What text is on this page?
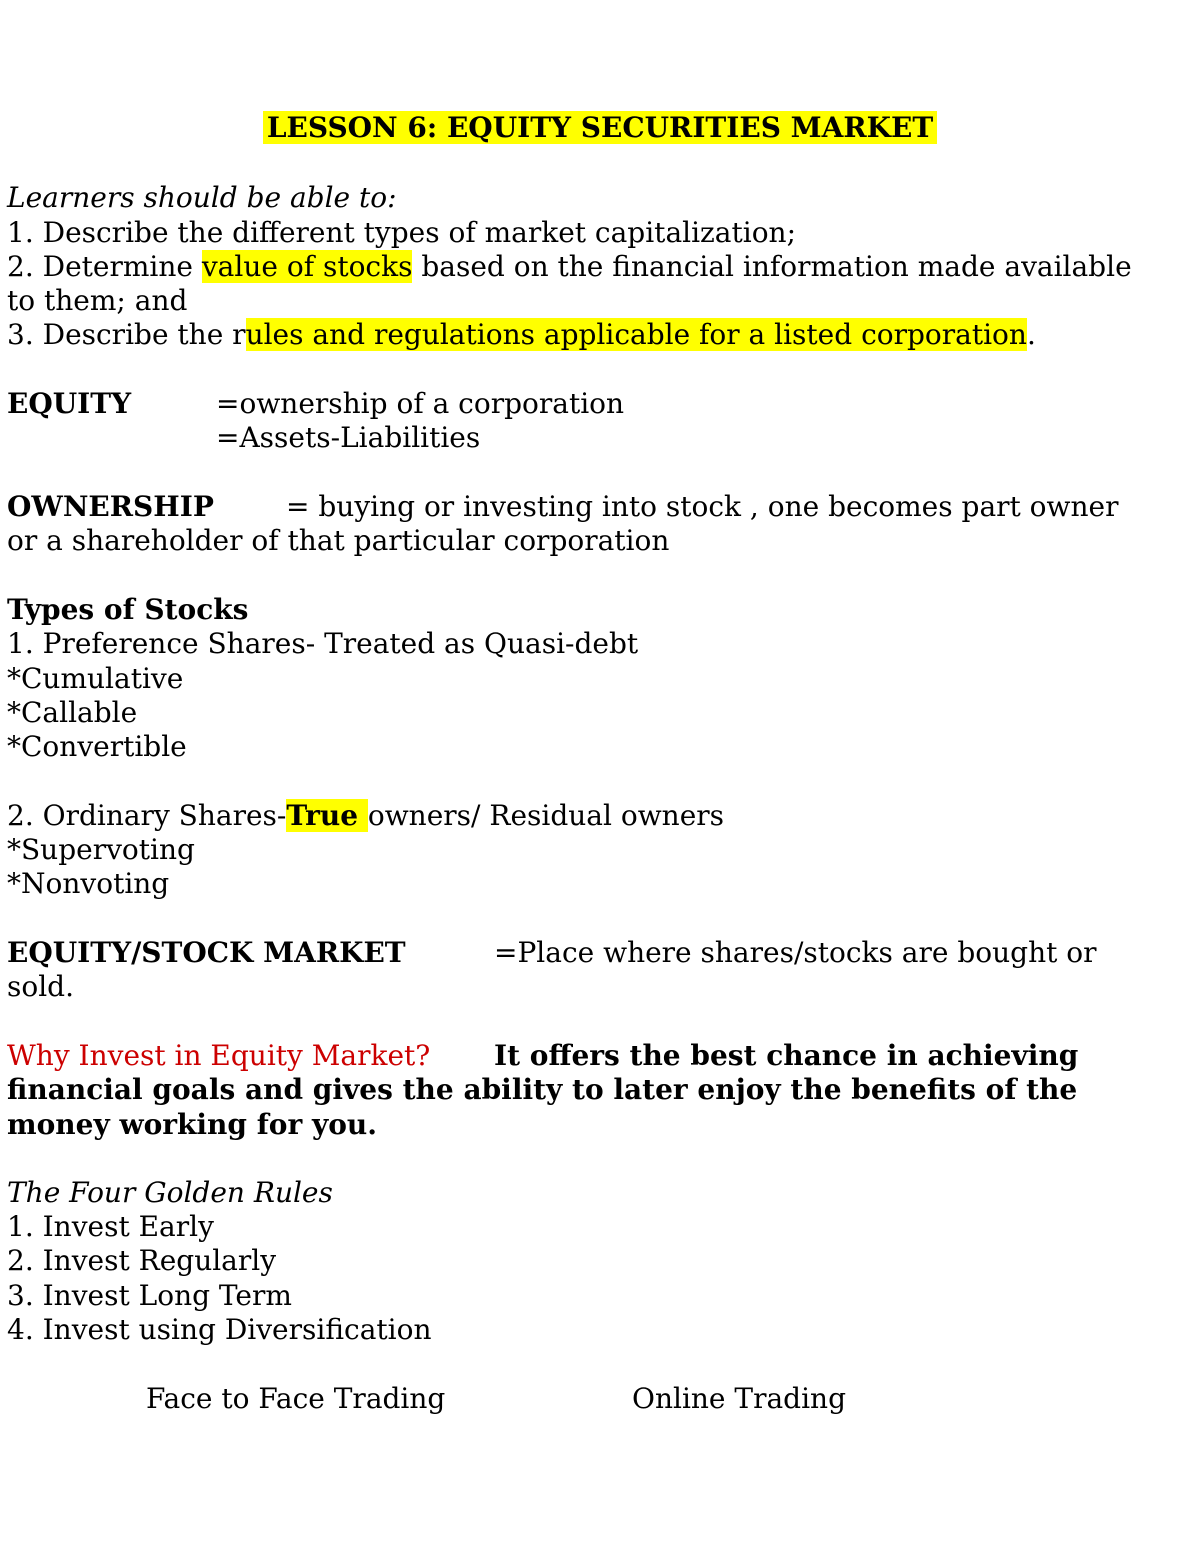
LESSON 6: EQUITY SECURITIES MARKET
Learners should be able to:
1. Describe the different types of market capitalization;
2. Determine value of stocks based on the financial information made available
to them; and
3. Describe the rules and regulations applicable for a listed corporation.
EQUITY	=ownership of a corporation
=Assets-Liabilities
OWNERSHIP	= buying or investing into stock , one becomes part owner
or a shareholder of that particular corporation
Types of Stocks
1. Preference Shares- Treated as Quasi-debt
*Cumulative
*Callable
*Convertible
2. Ordinary Shares-True owners/ Residual owners
*Supervoting
*Nonvoting
EQUITY/STOCK MARKET	=Place where shares/stocks are bought or
sold.
Why Invest in Equity Market? It offers the best chance in achieving
financial goals and gives the ability to later enjoy the benefits of the
money working for you.
The Four Golden Rules
1. Invest Early
2. Invest Regularly
3. Invest Long Term
4. Invest using Diversification
Face to Face Trading	Online Trading
